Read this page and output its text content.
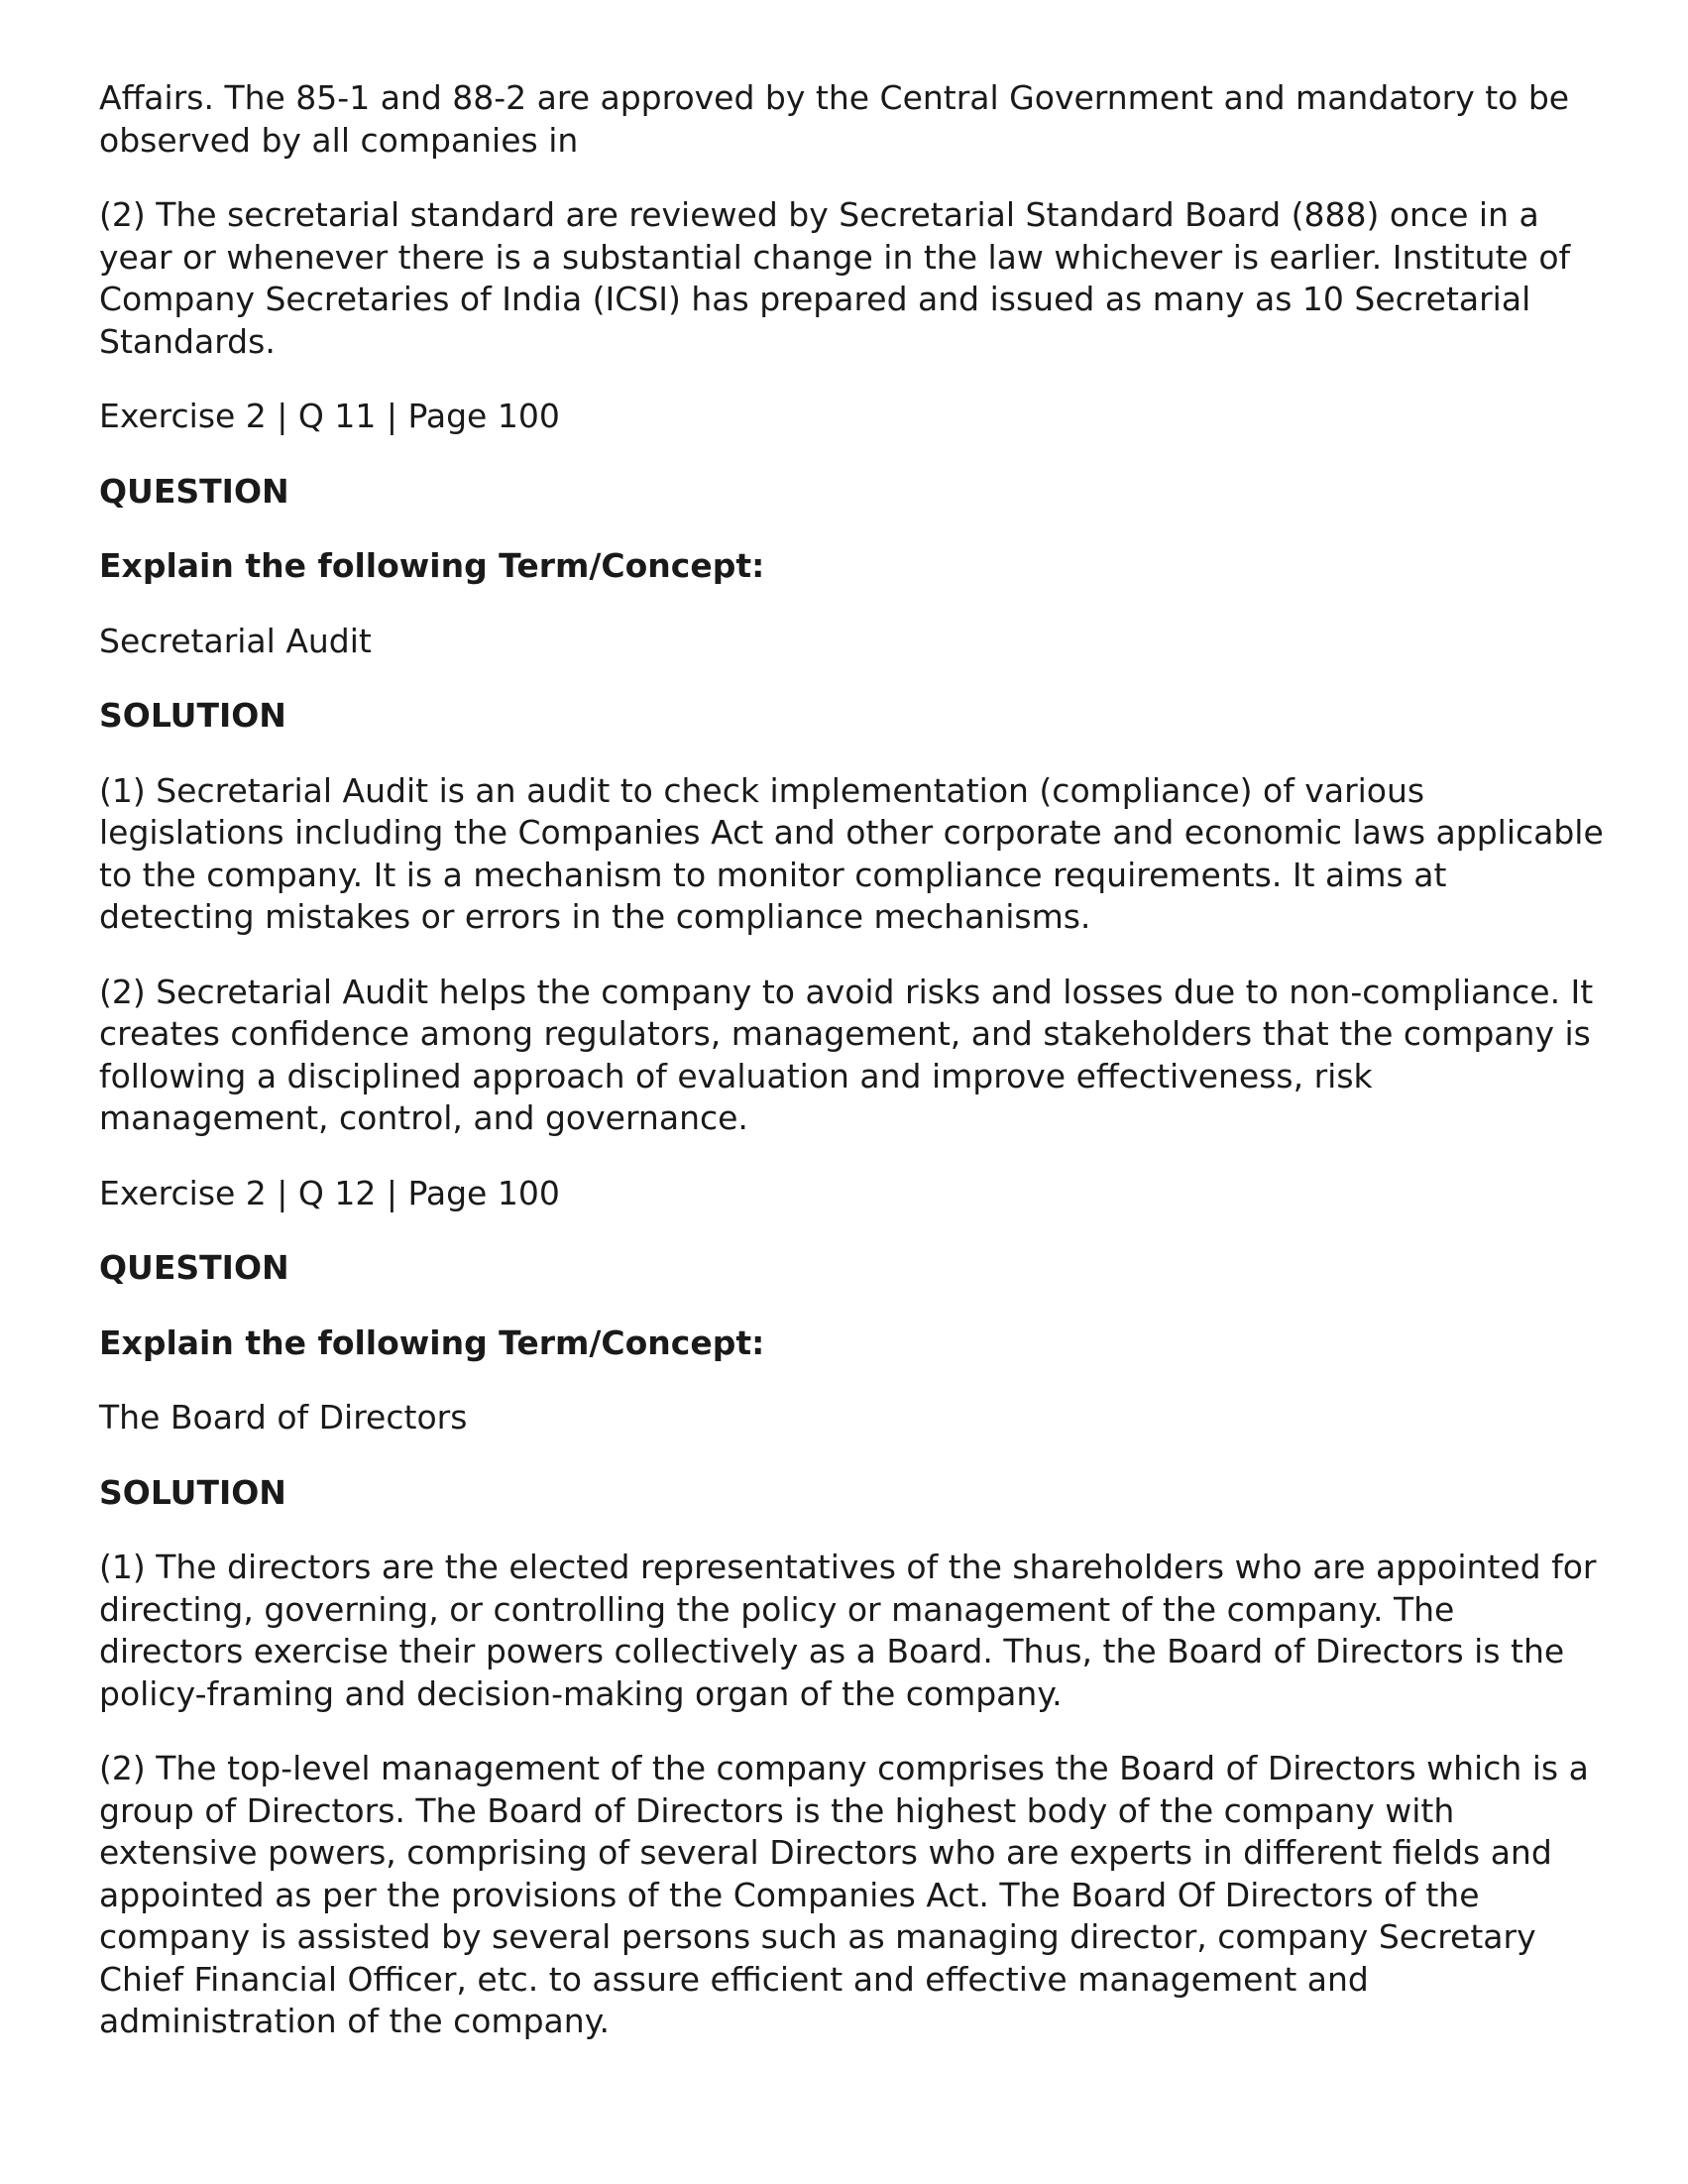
Affairs. The 85-1 and 88-2 are approved by the Central Government and mandatory to be observed by all companies in

(2) The secretarial standard are reviewed by Secretarial Standard Board (888) once in a year or whenever there is a substantial change in the law whichever is earlier. Institute of Company Secretaries of India (ICSI) has prepared and issued as many as 10 Secretarial Standards.

Exercise 2 | Q 11 | Page 100

QUESTION

Explain the following Term/Concept:

Secretarial Audit

SOLUTION

(1) Secretarial Audit is an audit to check implementation (compliance) of various legislations including the Companies Act and other corporate and economic laws applicable to the company. It is a mechanism to monitor compliance requirements. It aims at detecting mistakes or errors in the compliance mechanisms.

(2) Secretarial Audit helps the company to avoid risks and losses due to non-compliance. It creates confidence among regulators, management, and stakeholders that the company is following a disciplined approach of evaluation and improve effectiveness, risk management, control, and governance.

Exercise 2 | Q 12 | Page 100

QUESTION

Explain the following Term/Concept:

The Board of Directors

SOLUTION

(1) The directors are the elected representatives of the shareholders who are appointed for directing, governing, or controlling the policy or management of the company. The directors exercise their powers collectively as a Board. Thus, the Board of Directors is the policy-framing and decision-making organ of the company.

(2) The top-level management of the company comprises the Board of Directors which is a group of Directors. The Board of Directors is the highest body of the company with extensive powers, comprising of several Directors who are experts in different fields and appointed as per the provisions of the Companies Act. The Board Of Directors of the company is assisted by several persons such as managing director, company Secretary Chief Financial Officer, etc. to assure efficient and effective management and administration of the company.
